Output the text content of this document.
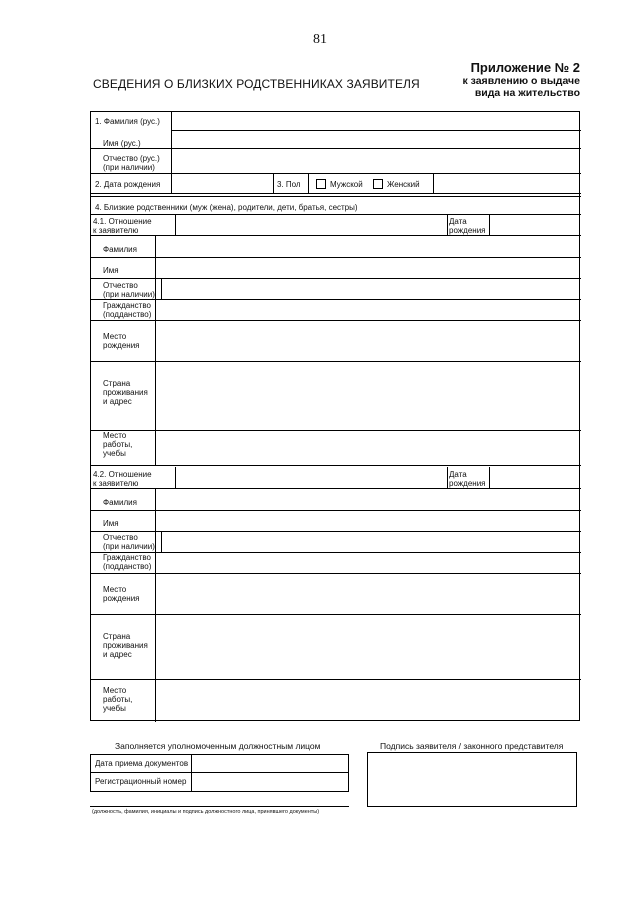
81
Приложение № 2
к заявлению о выдаче
вида на жительство
СВЕДЕНИЯ О БЛИЗКИХ РОДСТВЕННИКАХ ЗАЯВИТЕЛЯ
1. Фамилия (рус.)
Имя (рус.)
Отчество (рус.)
(при наличии)
2. Дата рождения	3. Пол	Мужской	Женский
4. Близкие родственники (муж (жена), родители, дети, братья, сестры)
4.1. Отношение
к заявителю
Дата
рождения
Фамилия
Имя
Отчество
(при наличии)
Гражданство
(подданство)
Место
рождения
Страна
проживания
и адрес
Место
работы,
учебы
4.2. Отношение
к заявителю
Дата
рождения
Фамилия
Имя
Отчество
(при наличии)
Гражданство
(подданство)
Место
рождения
Страна
проживания
и адрес
Место
работы,
учебы
Заполняется уполномоченным должностным лицом
Дата приема документов
Регистрационный номер
(должность, фамилия, инициалы и подпись должностного лица, принявшего документы)
Подпись заявителя / законного представителя
